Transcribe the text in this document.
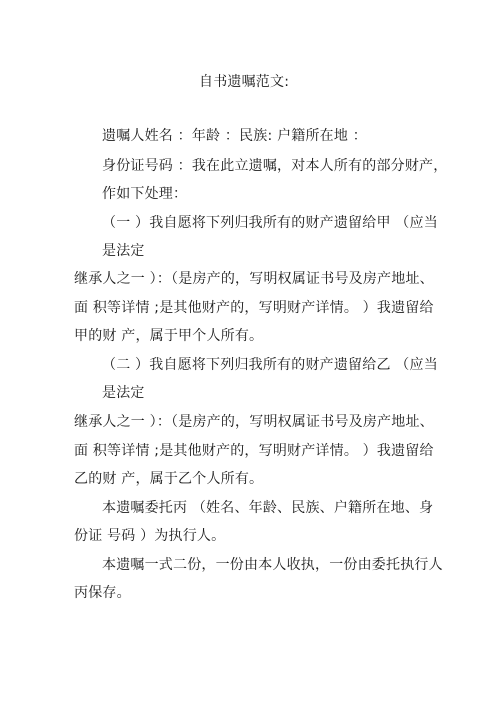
自书遗嘱范文:
遗嘱人姓名 ：年龄 ：民族: 户籍所在地 ：
身份证号码 ：我在此立遗嘱，对本人所有的部分财产，
作如下处理：
（一 ）我自愿将下列归我所有的财产遗留给甲 （应当
是法定
继承人之一 ）：（是房产的，写明权属证书号及房产地址、
面 积等详情 ;是其他财产的，写明财产详情。 ）我遗留给
甲的财 产，属于甲个人所有。
（二 ）我自愿将下列归我所有的财产遗留给乙 （应当
是法定
继承人之一 ）：（是房产的，写明权属证书号及房产地址、
面 积等详情 ;是其他财产的，写明财产详情。 ）我遗留给
乙的财 产，属于乙个人所有。
本遗嘱委托丙 （姓名、年龄、民族、户籍所在地、身
份证 号码 ）为执行人。
本遗嘱一式二份，一份由本人收执，一份由委托执行人
丙保存。
